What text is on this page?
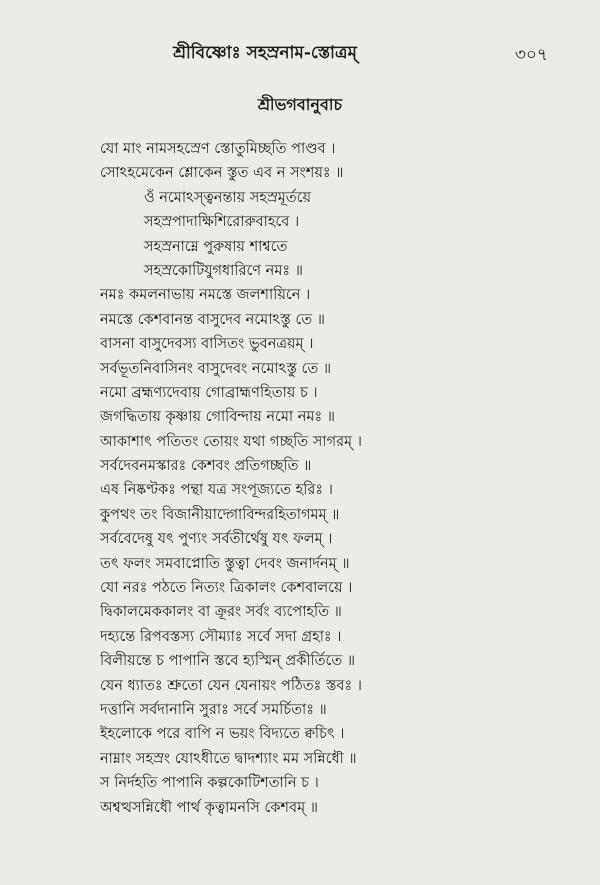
শ্রীবিষ্ণোঃ সহস্রনাম-স্তোত্রম্	৩০৭
শ্রীভগবানুবাচ
যো মাং নামসহস্রেণ স্তোতুমিচ্ছতি পাণ্ডব ।
সোঽহমেকেন শ্লোকেন স্তুত এব ন সংশয়ঃ ॥
ওঁ নমোঽস্ত্বনন্তায় সহস্রমূর্তয়ে
সহস্রপাদাক্ষিশিরোরুবাহবে ।
সহস্রনাম্নে পুরুষায় শাশ্বতে
সহস্রকোটিযুগধারিণে নমঃ ॥
নমঃ কমলনাভায় নমস্তে জলশায়িনে ।
নমস্তে কেশবানন্ত বাসুদেব নমোঽস্তু তে ॥
বাসনা বাসুদেবস্য বাসিতং ভুবনত্রয়ম্ ।
সর্বভূতনিবাসিনং বাসুদেবং নমোঽস্তু তে ॥
নমো ব্রহ্মণ্যদেবায় গোব্রাহ্মণহিতায় চ ।
জগদ্ধিতায় কৃষ্ণায় গোবিন্দায় নমো নমঃ ॥
আকাশাৎ পতিতং তোয়ং যথা গচ্ছতি সাগরম্ ।
সর্বদেবনমস্কারঃ কেশবং প্রতিগচ্ছতি ॥
এষ নিষ্কণ্টকঃ পন্থা যত্র সংপূজ্যতে হরিঃ ।
কুপথং তং বিজানীয়াদ্গোবিন্দরহিতাগমম্ ॥
সর্ববেদেষু যৎ পুণ্যং সর্বতীর্থেষু যৎ ফলম্ ।
তৎ ফলং সমবাপ্নোতি স্তুত্বা দেবং জনার্দনম্ ॥
যো নরঃ পঠতে নিত্যং ত্রিকালং কেশবালয়ে ।
দ্বিকালমেককালং বা ক্রূরং সর্বং ব্যপোহতি ॥
দহ্যন্তে রিপবস্তস্য সৌম্যাঃ সর্বে সদা গ্রহাঃ ।
বিলীয়ন্তে চ পাপানি স্তবে হ্যস্মিন্ প্রকীর্তিতে ॥
যেন ধ্যাতঃ শ্রুতো যেন যেনায়ং পঠিতঃ স্তবঃ ।
দত্তানি সর্বদানানি সুরাঃ সর্বে সমর্চিতাঃ ॥
ইহলোকে পরে বাপি ন ভয়ং বিদ্যতে ক্বচিৎ ।
নাম্নাং সহস্রং যোঽধীতে দ্বাদশ্যাং মম সন্নিধৌ ॥
স নির্দহতি পাপানি কল্পকোটিশতানি চ ।
অশ্বত্থসন্নিধৌ পার্থ কৃত্বামনসি কেশবম্ ॥
